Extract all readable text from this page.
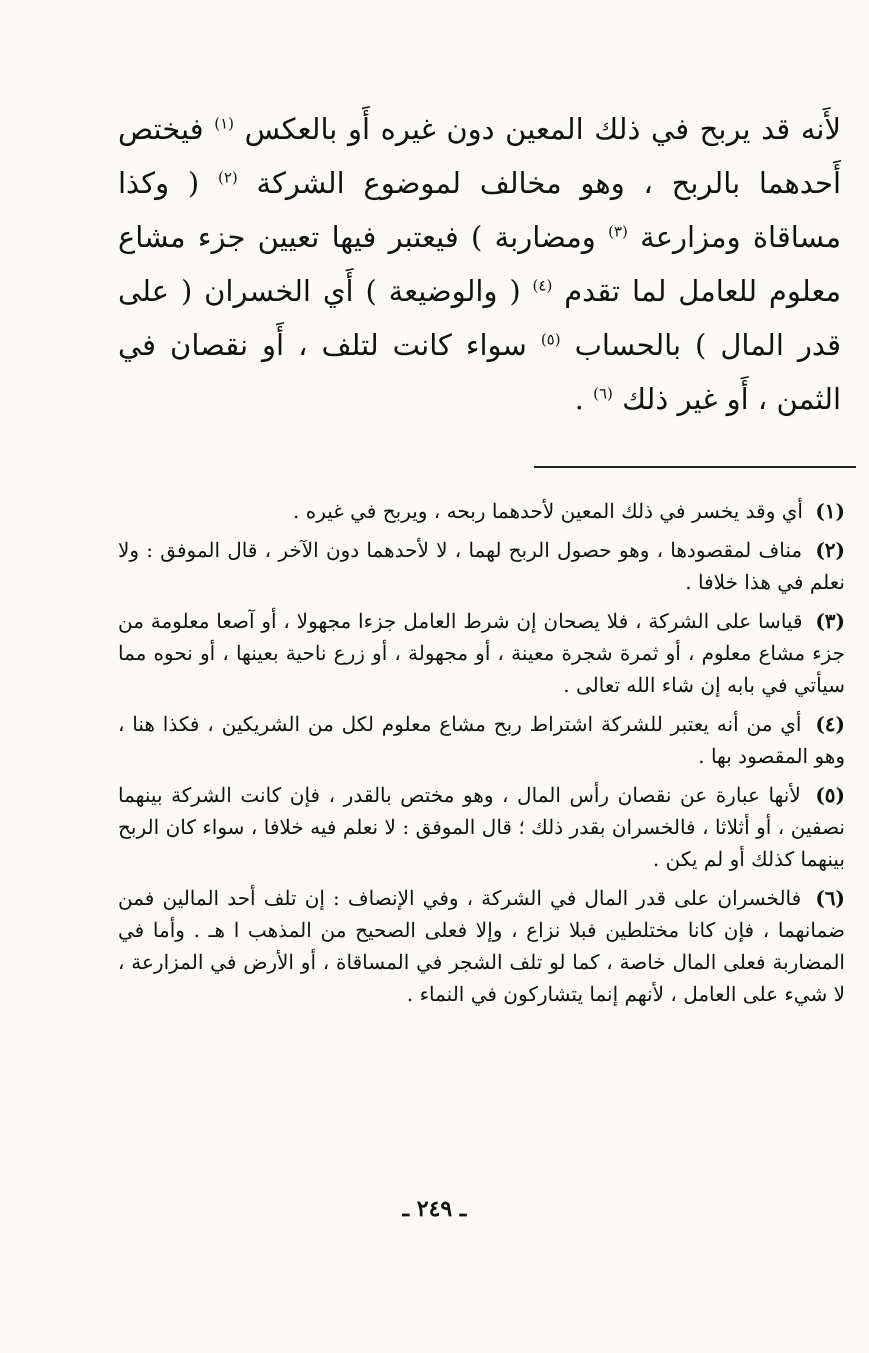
لأَنه قد يربح في ذلك المعين دون غيره أَو بالعكس $^{(١)}$ فيختص أَحدهما بالربح ، وهو مخالف لموضوع الشركة $^{(٢)}$ ( وكذا مساقاة ومزارعة $^{(٣)}$ ومضاربة ) فيعتبر فيها تعيين جزء مشاع معلوم للعامل لما تقدم $^{(٤)}$ ( والوضيعة ) أَي الخسران ( على قدر المال ) بالحساب $^{(٥)}$ سواء كانت لتلف ، أَو نقصان في الثمن ، أَو غير ذلك $^{(٦)}$ .

(١) أي وقد يخسر في ذلك المعين لأحدهما ربحه ، ويربح في غيره .

(٢) مناف لمقصودها ، وهو حصول الربح لهما ، لا لأحدهما دون الآخر ، قال الموفق : ولا نعلم في هذا خلافا .

(٣) قياسا على الشركة ، فلا يصحان إن شرط العامل جزءا مجهولا ، أو آصعا معلومة من جزء مشاع معلوم ، أو ثمرة شجرة معينة ، أو مجهولة ، أو زرع ناحية بعينها ، أو نحوه مما سيأتي في بابه إن شاء الله تعالى .

(٤) أي من أنه يعتبر للشركة اشتراط ربح مشاع معلوم لكل من الشريكين ، فكذا هنا ، وهو المقصود بها .

(٥) لأنها عبارة عن نقصان رأس المال ، وهو مختص بالقدر ، فإن كانت الشركة بينهما نصفين ، أو أثلاثا ، فالخسران بقدر ذلك ؛ قال الموفق : لا نعلم فيه خلافا ، سواء كان الربح بينهما كذلك أو لم يكن .

(٦) فالخسران على قدر المال في الشركة ، وفي الإنصاف : إن تلف أحد المالين فمن ضمانهما ، فإن كانا مختلطين فبلا نزاع ، وإلا فعلى الصحيح من المذهب ا هـ . وأما في المضاربة فعلى المال خاصة ، كما لو تلف الشجر في المساقاة ، أو الأرض في المزارعة ، لا شيء على العامل ، لأنهم إنما يتشاركون في النماء .

ـ ٢٤٩ ـ
